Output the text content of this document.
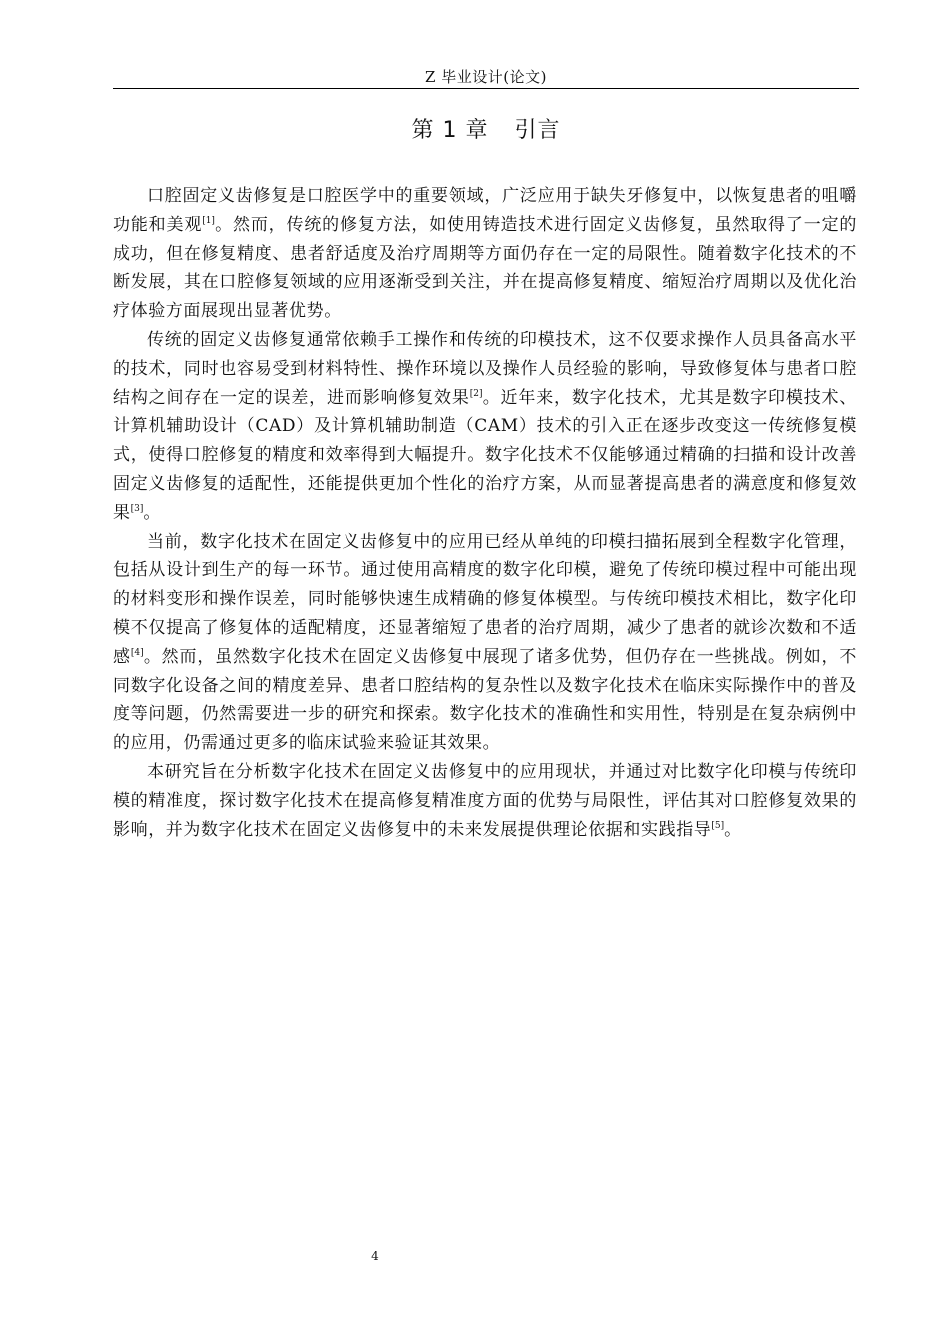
Z 毕业设计(论文)
第 1 章 引言

口腔固定义齿修复是口腔医学中的重要领域，广泛应用于缺失牙修复中，以恢复患者的咀嚼功能和美观[1]。然而，传统的修复方法，如使用铸造技术进行固定义齿修复，虽然取得了一定的成功，但在修复精度、患者舒适度及治疗周期等方面仍存在一定的局限性。随着数字化技术的不断发展，其在口腔修复领域的应用逐渐受到关注，并在提高修复精度、缩短治疗周期以及优化治疗体验方面展现出显著优势。

传统的固定义齿修复通常依赖手工操作和传统的印模技术，这不仅要求操作人员具备高水平的技术，同时也容易受到材料特性、操作环境以及操作人员经验的影响，导致修复体与患者口腔结构之间存在一定的误差，进而影响修复效果[2]。近年来，数字化技术，尤其是数字印模技术、计算机辅助设计（CAD）及计算机辅助制造（CAM）技术的引入正在逐步改变这一传统修复模式，使得口腔修复的精度和效率得到大幅提升。数字化技术不仅能够通过精确的扫描和设计改善固定义齿修复的适配性，还能提供更加个性化的治疗方案，从而显著提高患者的满意度和修复效果[3]。

当前，数字化技术在固定义齿修复中的应用已经从单纯的印模扫描拓展到全程数字化管理，包括从设计到生产的每一环节。通过使用高精度的数字化印模，避免了传统印模过程中可能出现的材料变形和操作误差，同时能够快速生成精确的修复体模型。与传统印模技术相比，数字化印模不仅提高了修复体的适配精度，还显著缩短了患者的治疗周期，减少了患者的就诊次数和不适感[4]。然而，虽然数字化技术在固定义齿修复中展现了诸多优势，但仍存在一些挑战。例如，不同数字化设备之间的精度差异、患者口腔结构的复杂性以及数字化技术在临床实际操作中的普及度等问题，仍然需要进一步的研究和探索。数字化技术的准确性和实用性，特别是在复杂病例中的应用，仍需通过更多的临床试验来验证其效果。

本研究旨在分析数字化技术在固定义齿修复中的应用现状，并通过对比数字化印模与传统印模的精准度，探讨数字化技术在提高修复精准度方面的优势与局限性，评估其对口腔修复效果的影响，并为数字化技术在固定义齿修复中的未来发展提供理论依据和实践指导[5]。

4
